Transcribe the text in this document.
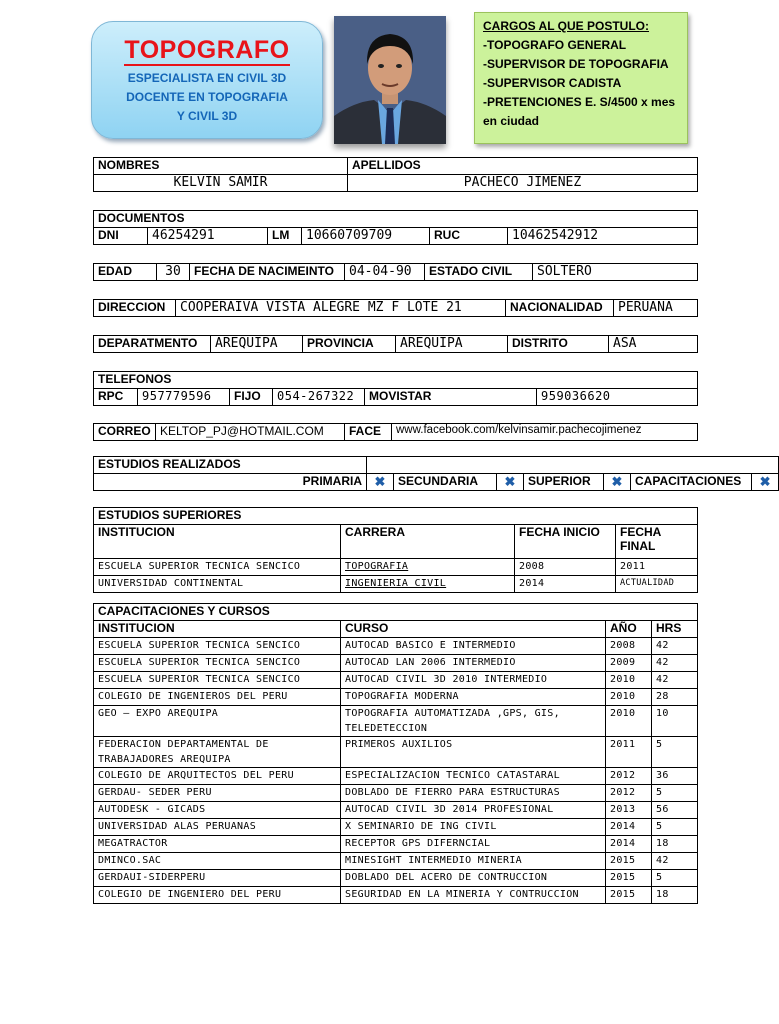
TOPOGRAFO
ESPECIALISTA EN CIVIL 3D
DOCENTE EN TOPOGRAFIA
Y CIVIL 3D
CARGOS AL QUE POSTULO:
-TOPOGRAFO GENERAL
-SUPERVISOR DE TOPOGRAFIA
-SUPERVISOR CADISTA
-PRETENCIONES E. S/4500 x mes
en ciudad
NOMBRES	APELLIDOS
KELVIN SAMIR	PACHECO JIMENEZ
DOCUMENTOS
DNI	46254291	LM	10660709709	RUC	10462542912
EDAD	30	FECHA DE NACIMEINTO	04-04-90	ESTADO CIVIL	SOLTERO
DIRECCION	COOPERAIVA VISTA ALEGRE MZ F LOTE 21	NACIONALIDAD	PERUANA
DEPARATMENTO	AREQUIPA	PROVINCIA	AREQUIPA	DISTRITO	ASA
TELEFONOS
RPC	957779596	FIJO	054-267322	MOVISTAR	959036620
CORREO	KELTOP_PJ@HOTMAIL.COM	FACE	www.facebook.com/kelvinsamir.pachecojimenez
ESTUDIOS REALIZADOS							
PRIMARIA	✖	SECUNDARIA	✖	SUPERIOR	✖	CAPACITACIONES	✖
ESTUDIOS SUPERIORES			
INSTITUCION	CARRERA	FECHA INICIO	FECHA FINAL
ESCUELA SUPERIOR TECNICA SENCICO	TOPOGRAFIA	2008	2011
UNIVERSIDAD CONTINENTAL	INGENIERIA CIVIL	2014	ACTUALIDAD
CAPACITACIONES Y CURSOS			
INSTITUCION	CURSO	AÑO	HRS
ESCUELA SUPERIOR TECNICA SENCICO	AUTOCAD BASICO E INTERMEDIO	2008	42
ESCUELA SUPERIOR TECNICA SENCICO	AUTOCAD LAN 2006 INTERMEDIO	2009	42
ESCUELA SUPERIOR TECNICA SENCICO	AUTOCAD CIVIL 3D 2010 INTERMEDIO	2010	42
COLEGIO DE INGENIEROS DEL PERU	TOPOGRAFIA MODERNA	2010	28
GEO – EXPO AREQUIPA	TOPOGRAFIA AUTOMATIZADA ,GPS, GIS, TELEDETECCION	2010	10
FEDERACION DEPARTAMENTAL DE TRABAJADORES AREQUIPA	PRIMEROS AUXILIOS	2011	5
COLEGIO DE ARQUITECTOS DEL PERU	ESPECIALIZACION TECNICO CATASTARAL	2012	36
GERDAU- SEDER PERU	DOBLADO DE FIERRO PARA ESTRUCTURAS	2012	5
AUTODESK - GICADS	AUTOCAD CIVIL 3D 2014 PROFESIONAL	2013	56
UNIVERSIDAD ALAS PERUANAS	X SEMINARIO DE ING CIVIL	2014	5
MEGATRACTOR	RECEPTOR GPS DIFERNCIAL	2014	18
DMINCO.SAC	MINESIGHT INTERMEDIO MINERIA	2015	42
GERDAUI-SIDERPERU	DOBLADO DEL ACERO DE CONTRUCCION	2015	5
COLEGIO DE INGENIERO DEL PERU	SEGURIDAD EN LA MINERIA Y CONTRUCCION	2015	18
